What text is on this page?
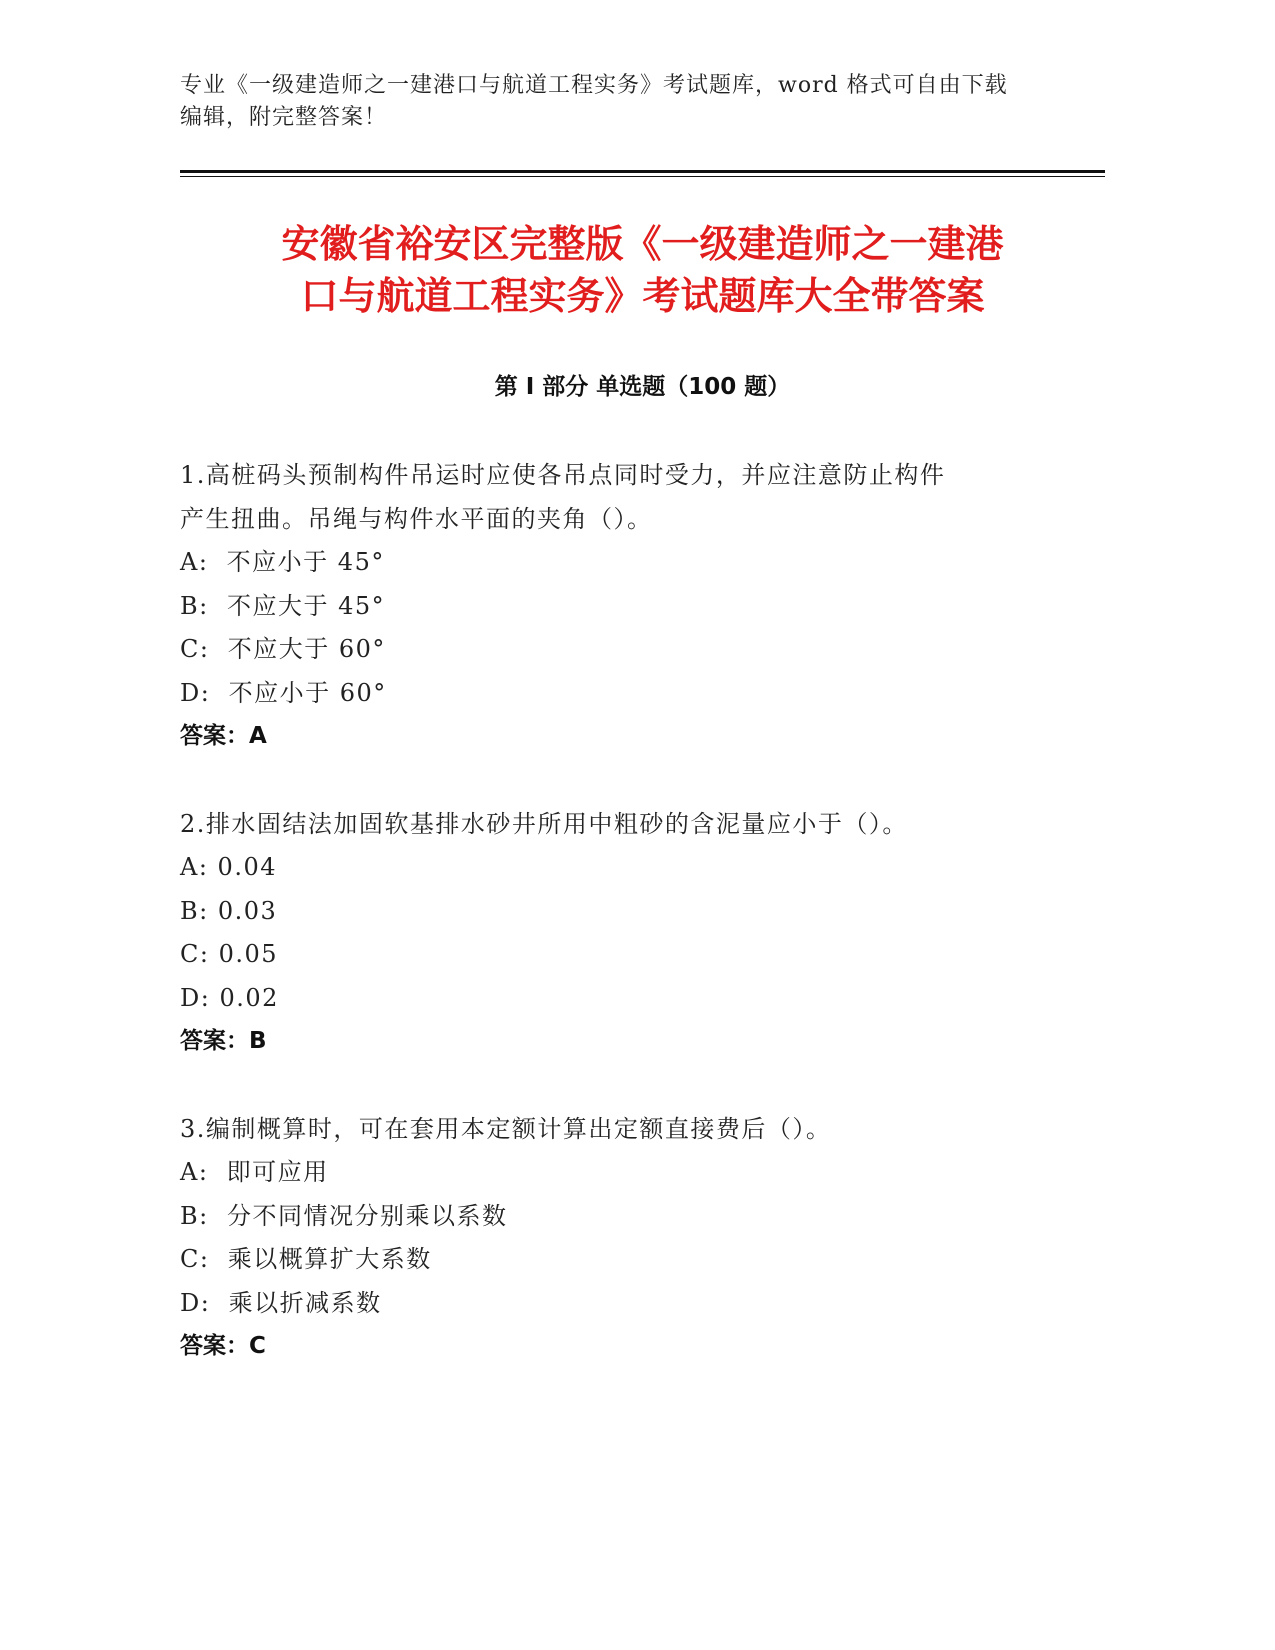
专业《一级建造师之一建港口与航道工程实务》考试题库，word 格式可自由下载
编辑，附完整答案！
安徽省裕安区完整版《一级建造师之一建港
口与航道工程实务》考试题库大全带答案
第 I 部分 单选题（100 题）
1.高桩码头预制构件吊运时应使各吊点同时受力，并应注意防止构件
产生扭曲。吊绳与构件水平面的夹角（）。
A:  不应小于 45°
B:  不应大于 45°
C:  不应大于 60°
D:  不应小于 60°
答案：A
2.排水固结法加固软基排水砂井所用中粗砂的含泥量应小于（）。
A: 0.04
B: 0.03
C: 0.05
D: 0.02
答案：B
3.编制概算时，可在套用本定额计算出定额直接费后（）。
A:  即可应用
B:  分不同情况分别乘以系数
C:  乘以概算扩大系数
D:  乘以折减系数
答案：C
